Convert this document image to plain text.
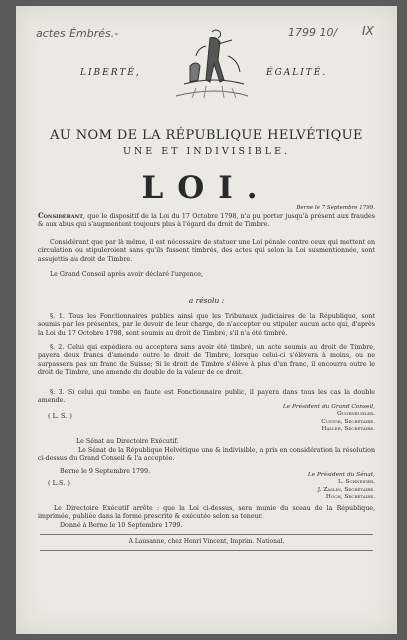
actes Émbrés.-	1799 10/ IX
LIBERTÉ,	ÉGALITÉ.
AU NOM DE LA RÉPUBLIQUE HELVÉTIQUE
UNE ET INDIVISIBLE.
LOI.
Berne le 7 Septembre 1799.

Considérant, que le dispositif de la Loi du 17 Octobre 1798, n'a pu porter jusqu'à présent aux fraudes & aux abus qui s'augmentent toujours plus à l'égard du droit de Timbre.

Considérant que par là même, il est nécessaire de statuer une Loi pénale contre ceux qui mettent en circulation ou stipuleroient sans qu'ils fussent timbrés, des actes qui selon la Loi susmentionnée, sont assujettis au droit de Timbre.

Le Grand Conseil après avoir déclaré l'urgence,

a résolu :

§. 1. Tous les Fonctionnaires publics ainsi que les Tribunaux judiciaires de la République, sont soumis par les présentes, par le devoir de leur charge, de n'accepter ou stipuler aucun acte qui, d'après la Loi du 17 Octobre 1798, sont soumis au droit de Timbre, s'il n'a été timbré.

§. 2. Celui qui expédiera ou acceptera sans avoir été timbré, un acte soumis au droit de Timbre, payera deux francs d'amende outre le droit de Timbre, lorsque celui-ci s'élèvera à moins, ou ne surpassera pas un franc de Suisse; Si le droit de Timbre s'élève à plus d'un franc, il encourra outre le droit de Timbre, une amende du double de la valeur de ce droit.

§. 3. Si celui qui tombe en faute est Fonctionnaire public, il payera dans tous les cas la double amende.

( L. S. )
Le Président du Grand Conseil,
Gugenbuhler.
Custor, Secrétaire.
Haller, Secrétaire.

Le Sénat au Directoire Exécutif.

Le Sénat de la République Helvétique une & indivisible, a pris en considération la résolution ci-dessus du Grand Conseil & l'a acceptée.

Berne le 9 Septembre 1799.

( L.S. )
Le Président du Sénat,
L. Schneider.
J. Zaslin, Secrétaire.
Hoch, Secrétaire.

Le Directoire Exécutif arrête : que la Loi ci-dessus, sera munie du sceau de la République, imprimée, publiée dans la forme prescrite & exécutée selon sa teneur.

Donné à Berne le 10 Septembre 1799.

A Lausanne, chez Henri Vincent, Imprim. National.
